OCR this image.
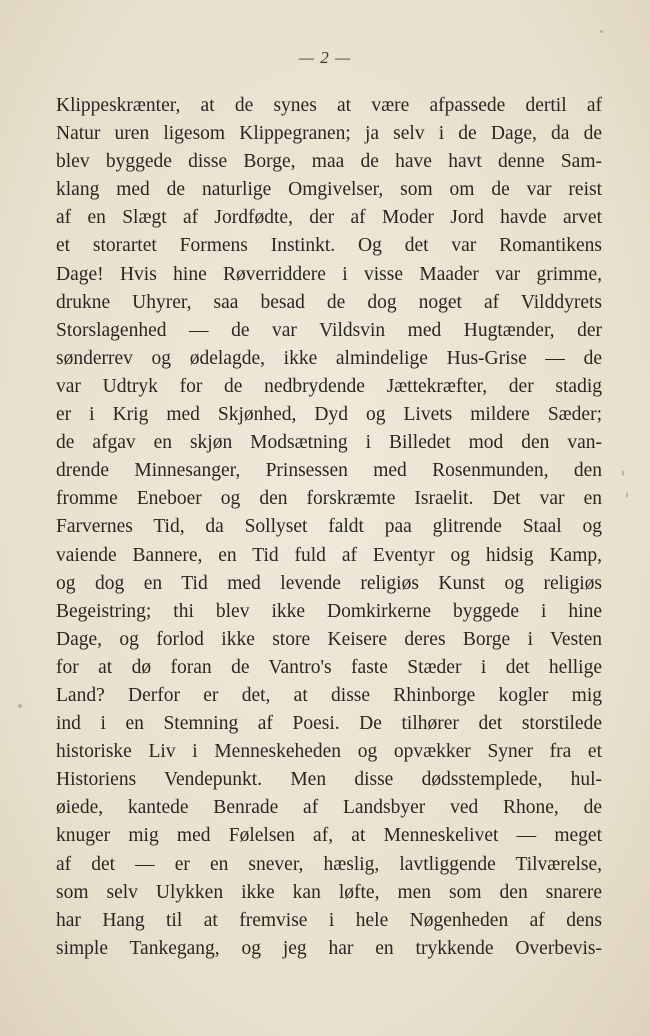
— 2 —
Klippeskrænter, at de synes at være afpassede dertil af
Natur uren ligesom Klippegranen; ja selv i de Dage, da de
blev byggede disse Borge, maa de have havt denne Sam-
klang med de naturlige Omgivelser, som om de var reist
af en Slægt af Jordfødte, der af Moder Jord havde arvet
et storartet Formens Instinkt. Og det var Romantikens
Dage! Hvis hine Røverriddere i visse Maader var grimme,
drukne Uhyrer, saa besad de dog noget af Vilddyrets
Storslagenhed — de var Vildsvin med Hugtænder, der
sønderrev og ødelagde, ikke almindelige Hus-Grise — de
var Udtryk for de nedbrydende Jættekræfter, der stadig
er i Krig med Skjønhed, Dyd og Livets mildere Sæder;
de afgav en skjøn Modsætning i Billedet mod den van-
drende Minnesanger, Prinsessen med Rosenmunden, den
fromme Eneboer og den forskræmte Israelit. Det var en
Farvernes Tid, da Sollyset faldt paa glitrende Staal og
vaiende Bannere, en Tid fuld af Eventyr og hidsig Kamp,
og dog en Tid med levende religiøs Kunst og religiøs
Begeistring; thi blev ikke Domkirkerne byggede i hine
Dage, og forlod ikke store Keisere deres Borge i Vesten
for at dø foran de Vantro's faste Stæder i det hellige
Land? Derfor er det, at disse Rhinborge kogler mig
ind i en Stemning af Poesi. De tilhører det storstilede
historiske Liv i Menneskeheden og opvækker Syner fra et
Historiens Vendepunkt. Men disse dødsstemplede, hul-
øiede, kantede Benrade af Landsbyer ved Rhone, de
knuger mig med Følelsen af, at Menneskelivet — meget
af det — er en snever, hæslig, lavtliggende Tilværelse,
som selv Ulykken ikke kan løfte, men som den snarere
har Hang til at fremvise i hele Nøgenheden af dens
simple Tankegang, og jeg har en trykkende Overbevis-
